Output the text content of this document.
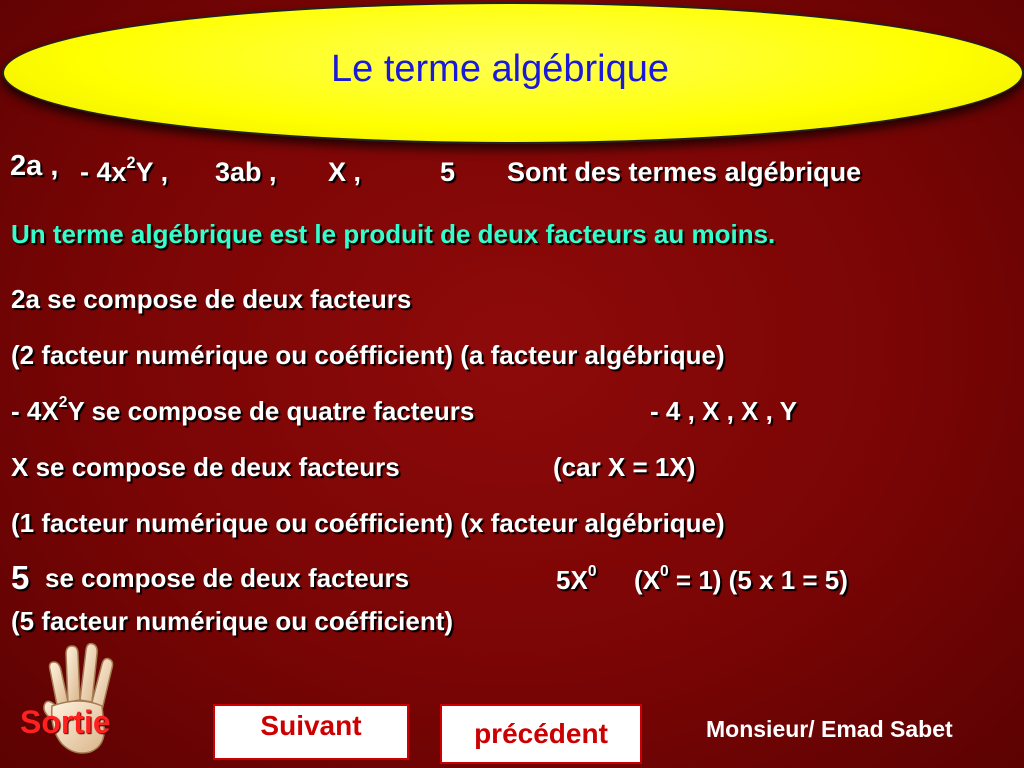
Le terme algébrique
2a , - $4x^2Y$ , 3ab , X ,	5 Sont des termes algébrique
Un terme algébrique est le produit de deux facteurs au moins.
2a se compose de deux facteurs
(2 facteur numérique ou coéfficient) (a facteur algébrique)
- $4X^2Y$ se compose de quatre facteurs	- 4 , X , X , Y
X se compose de deux facteurs	(car X = 1X)
(1 facteur numérique ou coéfficient) (x facteur algébrique)
5 se compose de deux facteurs	$5X^0$ $(X^0 = 1)$ (5 x 1 = 5)
(5 facteur numérique ou coéfficient)
Sortie	Suivant	précédent	Monsieur/ Emad Sabet
